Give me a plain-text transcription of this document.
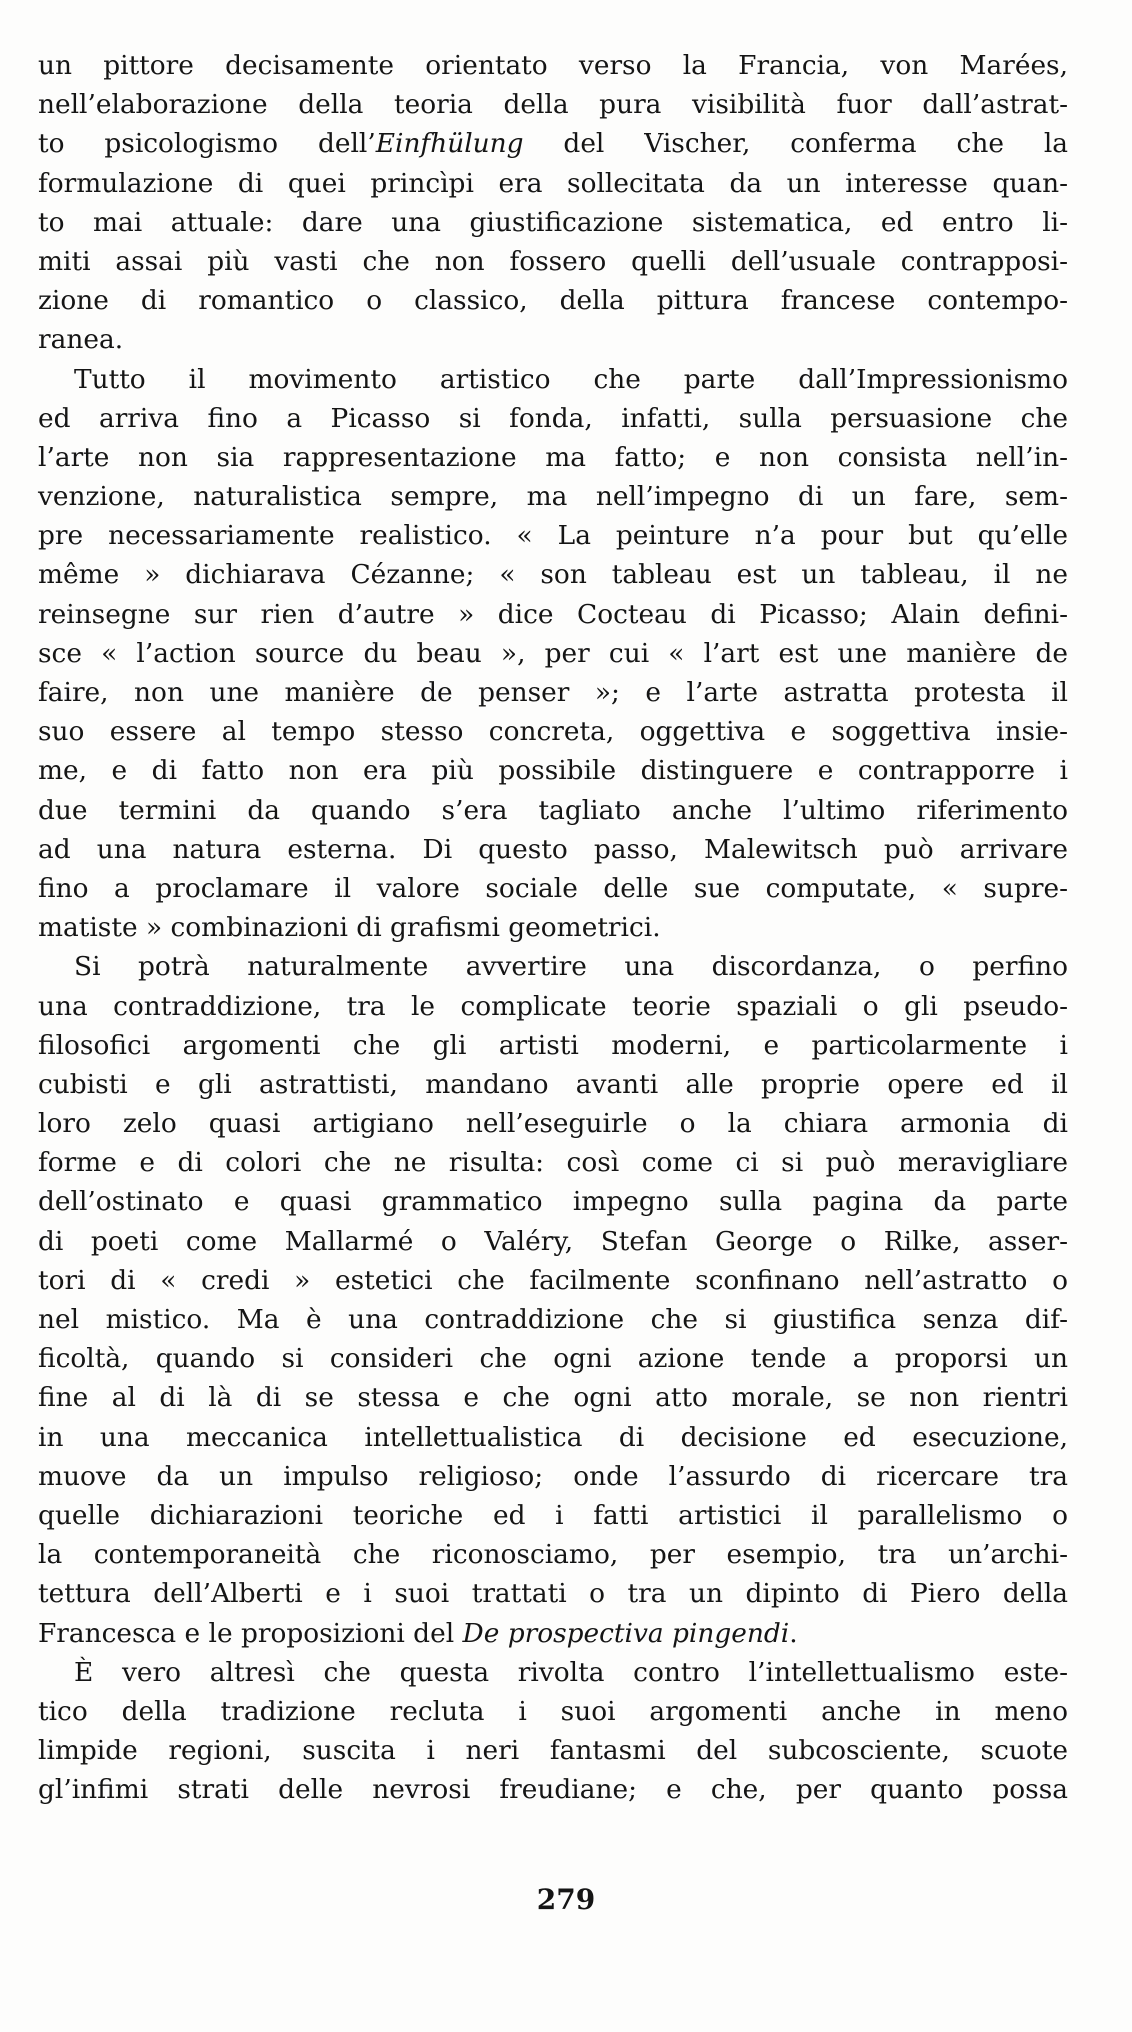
un pittore decisamente orientato verso la Francia, von Marées,
nell’elaborazione della teoria della pura visibilità fuor dall’astrat-
to psicologismo dell’Einfhülung del Vischer, conferma che la
formulazione di quei princìpi era sollecitata da un interesse quan-
to mai attuale: dare una giustificazione sistematica, ed entro li-
miti assai più vasti che non fossero quelli dell’usuale contrapposi-
zione di romantico o classico, della pittura francese contempo-
ranea.
Tutto il movimento artistico che parte dall’Impressionismo
ed arriva fino a Picasso si fonda, infatti, sulla persuasione che
l’arte non sia rappresentazione ma fatto; e non consista nell’in-
venzione, naturalistica sempre, ma nell’impegno di un fare, sem-
pre necessariamente realistico. « La peinture n’a pour but qu’elle
même » dichiarava Cézanne; « son tableau est un tableau, il ne
reinsegne sur rien d’autre » dice Cocteau di Picasso; Alain defini-
sce « l’action source du beau », per cui « l’art est une manière de
faire, non une manière de penser »; e l’arte astratta protesta il
suo essere al tempo stesso concreta, oggettiva e soggettiva insie-
me, e di fatto non era più possibile distinguere e contrapporre i
due termini da quando s’era tagliato anche l’ultimo riferimento
ad una natura esterna. Di questo passo, Malewitsch può arrivare
fino a proclamare il valore sociale delle sue computate, « supre-
matiste » combinazioni di grafismi geometrici.
Si potrà naturalmente avvertire una discordanza, o perfino
una contraddizione, tra le complicate teorie spaziali o gli pseudo-
filosofici argomenti che gli artisti moderni, e particolarmente i
cubisti e gli astrattisti, mandano avanti alle proprie opere ed il
loro zelo quasi artigiano nell’eseguirle o la chiara armonia di
forme e di colori che ne risulta: così come ci si può meravigliare
dell’ostinato e quasi grammatico impegno sulla pagina da parte
di poeti come Mallarmé o Valéry, Stefan George o Rilke, asser-
tori di « credi » estetici che facilmente sconfinano nell’astratto o
nel mistico. Ma è una contraddizione che si giustifica senza dif-
ficoltà, quando si consideri che ogni azione tende a proporsi un
fine al di là di se stessa e che ogni atto morale, se non rientri
in una meccanica intellettualistica di decisione ed esecuzione,
muove da un impulso religioso; onde l’assurdo di ricercare tra
quelle dichiarazioni teoriche ed i fatti artistici il parallelismo o
la contemporaneità che riconosciamo, per esempio, tra un’archi-
tettura dell’Alberti e i suoi trattati o tra un dipinto di Piero della
Francesca e le proposizioni del De prospectiva pingendi.
È vero altresì che questa rivolta contro l’intellettualismo este-
tico della tradizione recluta i suoi argomenti anche in meno
limpide regioni, suscita i neri fantasmi del subcosciente, scuote
gl’infimi strati delle nevrosi freudiane; e che, per quanto possa
279
